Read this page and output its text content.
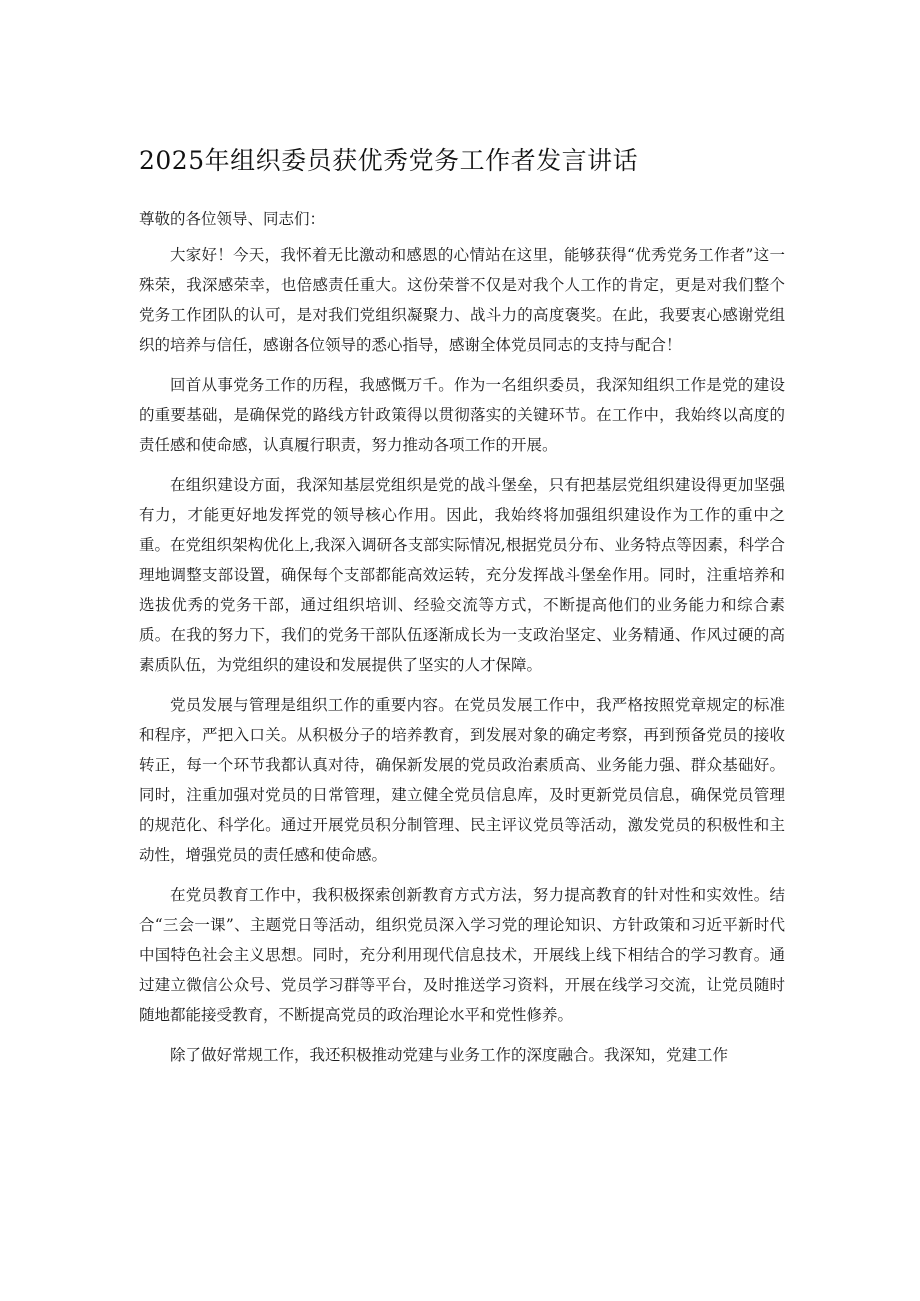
2025年组织委员获优秀党务工作者发言讲话

尊敬的各位领导、同志们：

大家好！今天，我怀着无比激动和感恩的心情站在这里，能够获得“优秀党务工作者”这一殊荣，我深感荣幸，也倍感责任重大。这份荣誉不仅是对我个人工作的肯定，更是对我们整个党务工作团队的认可，是对我们党组织凝聚力、战斗力的高度褒奖。在此，我要衷心感谢党组织的培养与信任，感谢各位领导的悉心指导，感谢全体党员同志的支持与配合！

回首从事党务工作的历程，我感慨万千。作为一名组织委员，我深知组织工作是党的建设的重要基础，是确保党的路线方针政策得以贯彻落实的关键环节。在工作中，我始终以高度的责任感和使命感，认真履行职责，努力推动各项工作的开展。

在组织建设方面，我深知基层党组织是党的战斗堡垒，只有把基层党组织建设得更加坚强有力，才能更好地发挥党的领导核心作用。因此，我始终将加强组织建设作为工作的重中之重。在党组织架构优化上,我深入调研各支部实际情况,根据党员分布、业务特点等因素，科学合理地调整支部设置，确保每个支部都能高效运转，充分发挥战斗堡垒作用。同时，注重培养和选拔优秀的党务干部，通过组织培训、经验交流等方式，不断提高他们的业务能力和综合素质。在我的努力下，我们的党务干部队伍逐渐成长为一支政治坚定、业务精通、作风过硬的高素质队伍，为党组织的建设和发展提供了坚实的人才保障。

党员发展与管理是组织工作的重要内容。在党员发展工作中，我严格按照党章规定的标准和程序，严把入口关。从积极分子的培养教育，到发展对象的确定考察，再到预备党员的接收转正，每一个环节我都认真对待，确保新发展的党员政治素质高、业务能力强、群众基础好。同时，注重加强对党员的日常管理，建立健全党员信息库，及时更新党员信息，确保党员管理的规范化、科学化。通过开展党员积分制管理、民主评议党员等活动，激发党员的积极性和主动性，增强党员的责任感和使命感。

在党员教育工作中，我积极探索创新教育方式方法，努力提高教育的针对性和实效性。结合“三会一课”、主题党日等活动，组织党员深入学习党的理论知识、方针政策和习近平新时代中国特色社会主义思想。同时，充分利用现代信息技术，开展线上线下相结合的学习教育。通过建立微信公众号、党员学习群等平台，及时推送学习资料，开展在线学习交流，让党员随时随地都能接受教育，不断提高党员的政治理论水平和党性修养。

除了做好常规工作，我还积极推动党建与业务工作的深度融合。我深知，党建工作
